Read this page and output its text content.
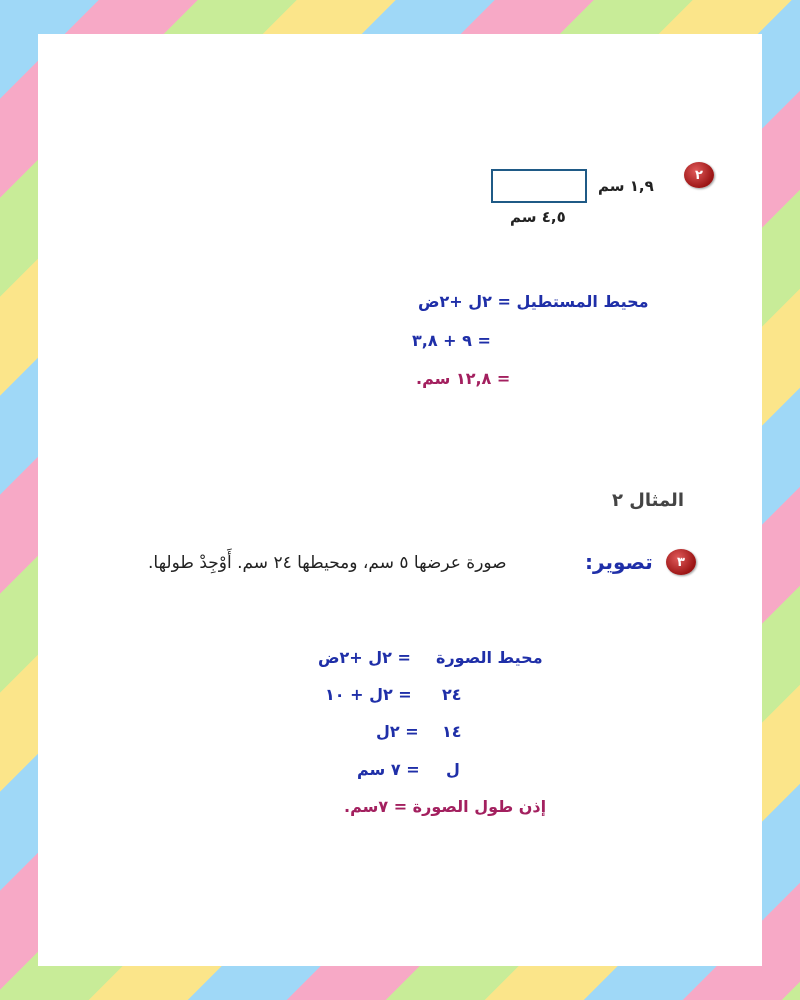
٢
١,٩ سم
٤,٥ سم
محيط المستطيل = ٢ل +٢ض
= ٩ + ٣,٨
= ١٢,٨ سم.
المثال ٢
٣
تصوير:
صورة عرضها ٥ سم، ومحيطها ٢٤ سم. أَوْجِدْ طولها.
محيط الصورة
= ٢ل +٢ض
٢٤
= ٢ل + ١٠
١٤
= ٢ل
ل
= ٧ سم
إذن طول الصورة = ٧سم.
